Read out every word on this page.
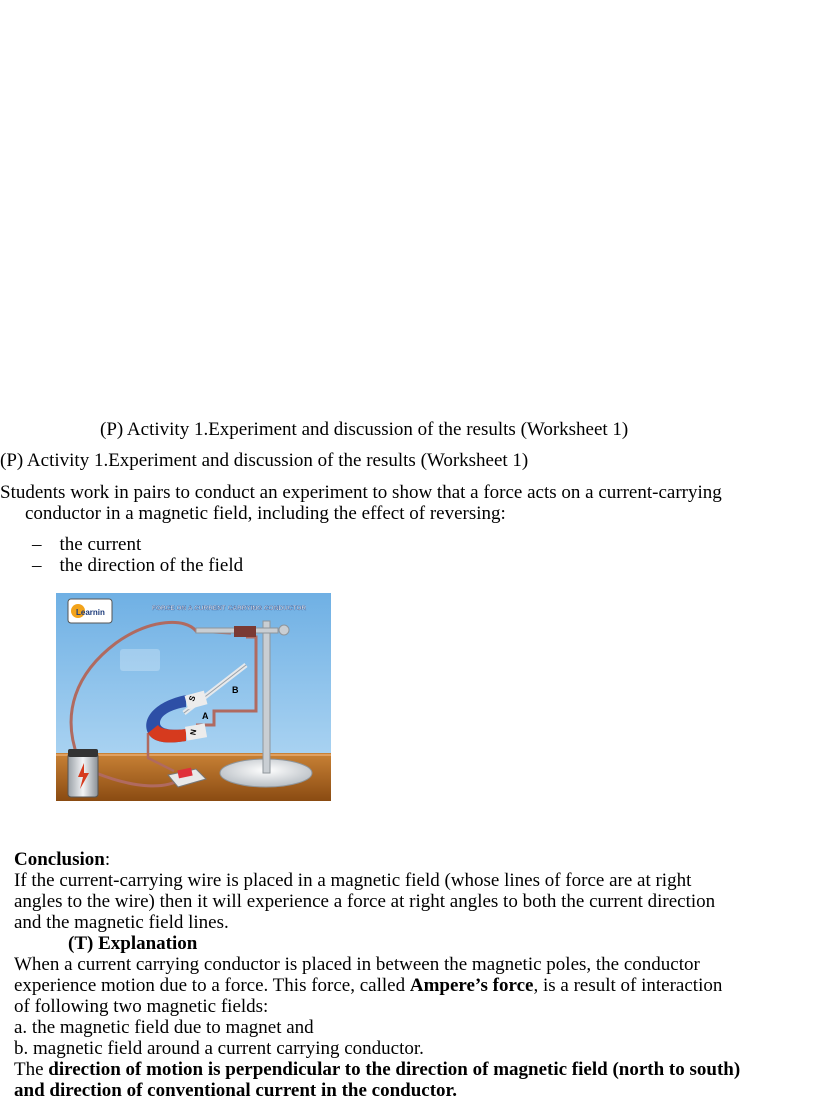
(P) Activity 1.Experiment and discussion of the results (Worksheet 1)
(P) Activity 1.Experiment and discussion of the results (Worksheet 1)
Students work in pairs to conduct an experiment to show that a force acts on a current-carrying
conductor in a magnetic field, including the effect of reversing:
– the current
– the direction of the field
S
N
A
B
Learnin	FORCE ON A CURRENT CARRYING CONDUCTOR
Conclusion:
If the current-carrying wire is placed in a magnetic field (whose lines of force are at right
angles to the wire) then it will experience a force at right angles to both the current direction
and the magnetic field lines.
(T) Explanation
When a current carrying conductor is placed in between the magnetic poles, the conductor
experience motion due to a force. This force, called Ampere’s force, is a result of interaction
of following two magnetic fields:
a. the magnetic field due to magnet and
b. magnetic field around a current carrying conductor.
The direction of motion is perpendicular to the direction of magnetic field (north to south)
and direction of conventional current in the conductor.
